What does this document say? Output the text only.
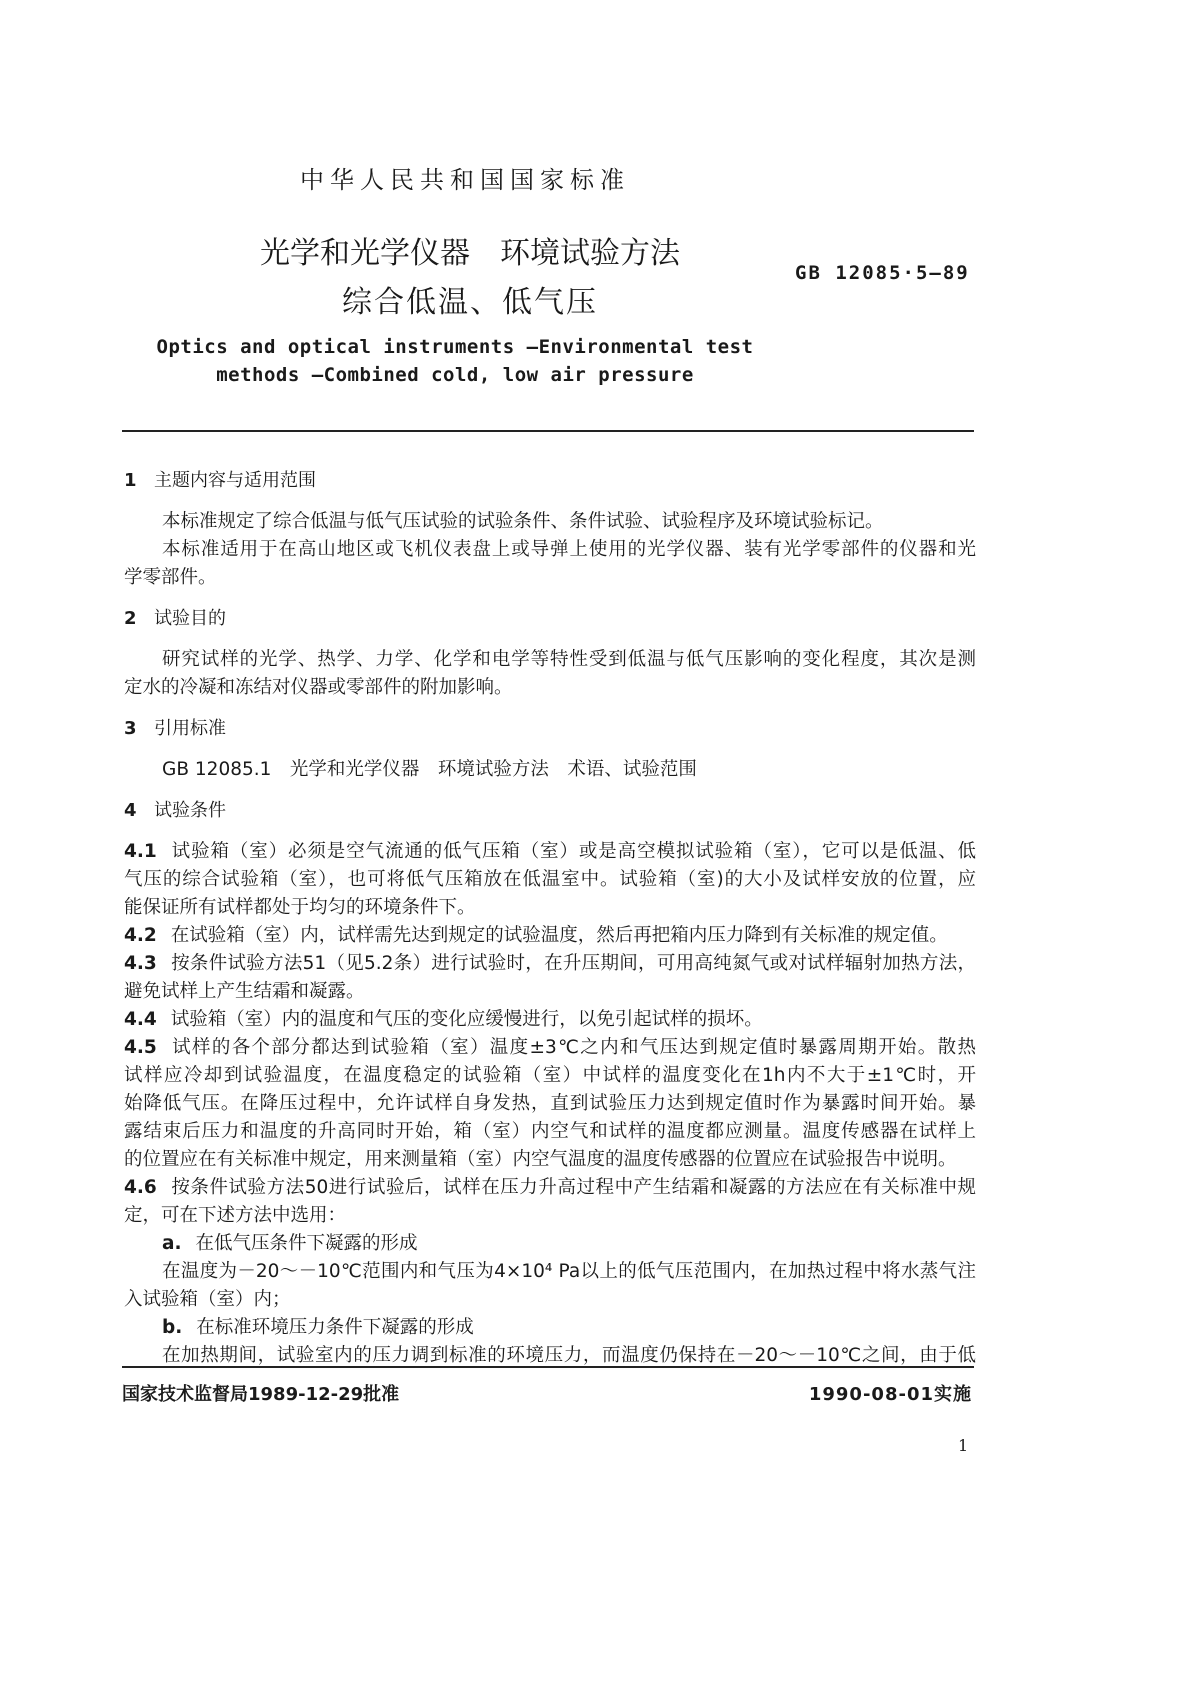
中华人民共和国国家标准
光学和光学仪器　环境试验方法
综合低温、低气压
GB 12085·5—89
Optics and optical instruments —Environmental test
methods —Combined cold, low air pressure
1 主题内容与适用范围
本标准规定了综合低温与低气压试验的试验条件、条件试验、试验程序及环境试验标记。
本标准适用于在高山地区或飞机仪表盘上或导弹上使用的光学仪器、装有光学零部件的仪器和光
学零部件。
2 试验目的
研究试样的光学、热学、力学、化学和电学等特性受到低温与低气压影响的变化程度，其次是测
定水的冷凝和冻结对仪器或零部件的附加影响。
3 引用标准
GB 12085.1　光学和光学仪器　环境试验方法　术语、试验范围
4 试验条件
4.1 试验箱（室）必须是空气流通的低气压箱（室）或是高空模拟试验箱（室），它可以是低温、低
气压的综合试验箱（室），也可将低气压箱放在低温室中。试验箱（室)的大小及试样安放的位置，应
能保证所有试样都处于均匀的环境条件下。
4.2 在试验箱（室）内，试样需先达到规定的试验温度，然后再把箱内压力降到有关标准的规定值。
4.3 按条件试验方法51（见5.2条）进行试验时，在升压期间，可用高纯氮气或对试样辐射加热方法，
避免试样上产生结霜和凝露。
4.4 试验箱（室）内的温度和气压的变化应缓慢进行，以免引起试样的损坏。
4.5 试样的各个部分都达到试验箱（室）温度±3℃之内和气压达到规定值时暴露周期开始。散热
试样应冷却到试验温度，在温度稳定的试验箱（室）中试样的温度变化在1h内不大于±1℃时，开
始降低气压。在降压过程中，允许试样自身发热，直到试验压力达到规定值时作为暴露时间开始。暴
露结束后压力和温度的升高同时开始，箱（室）内空气和试样的温度都应测量。温度传感器在试样上
的位置应在有关标准中规定，用来测量箱（室）内空气温度的温度传感器的位置应在试验报告中说明。
4.6 按条件试验方法50进行试验后，试样在压力升高过程中产生结霜和凝露的方法应在有关标准中规
定，可在下述方法中选用：
a. 在低气压条件下凝露的形成
在温度为－20～－10℃范围内和气压为4×10⁴ Pa以上的低气压范围内，在加热过程中将水蒸气注
入试验箱（室）内；
b. 在标准环境压力条件下凝露的形成
在加热期间，试验室内的压力调到标准的环境压力，而温度仍保持在－20～－10℃之间，由于低
国家技术监督局1989-12-29批准	1990-08-01实施
1
